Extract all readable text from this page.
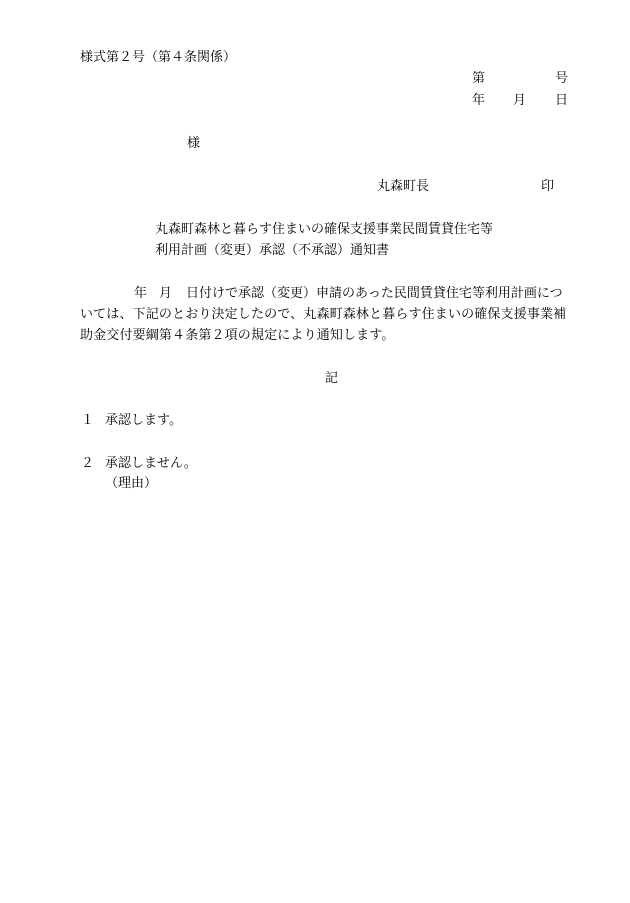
様式第２号（第４条関係）
第	号
年 月 日
様
丸森町長	印
丸森町森林と暮らす住まいの確保支援事業民間賃貸住宅等
利用計画（変更）承認（不承認）通知書
年 月 日付けで承認（変更）申請のあった民間賃貸住宅等利用計画につ
いては、下記のとおり決定したので、丸森町森林と暮らす住まいの確保支援事業補
助金交付要綱第４条第２項の規定により通知します。
記
１ 承認します。
２ 承認しません。
（理由）
